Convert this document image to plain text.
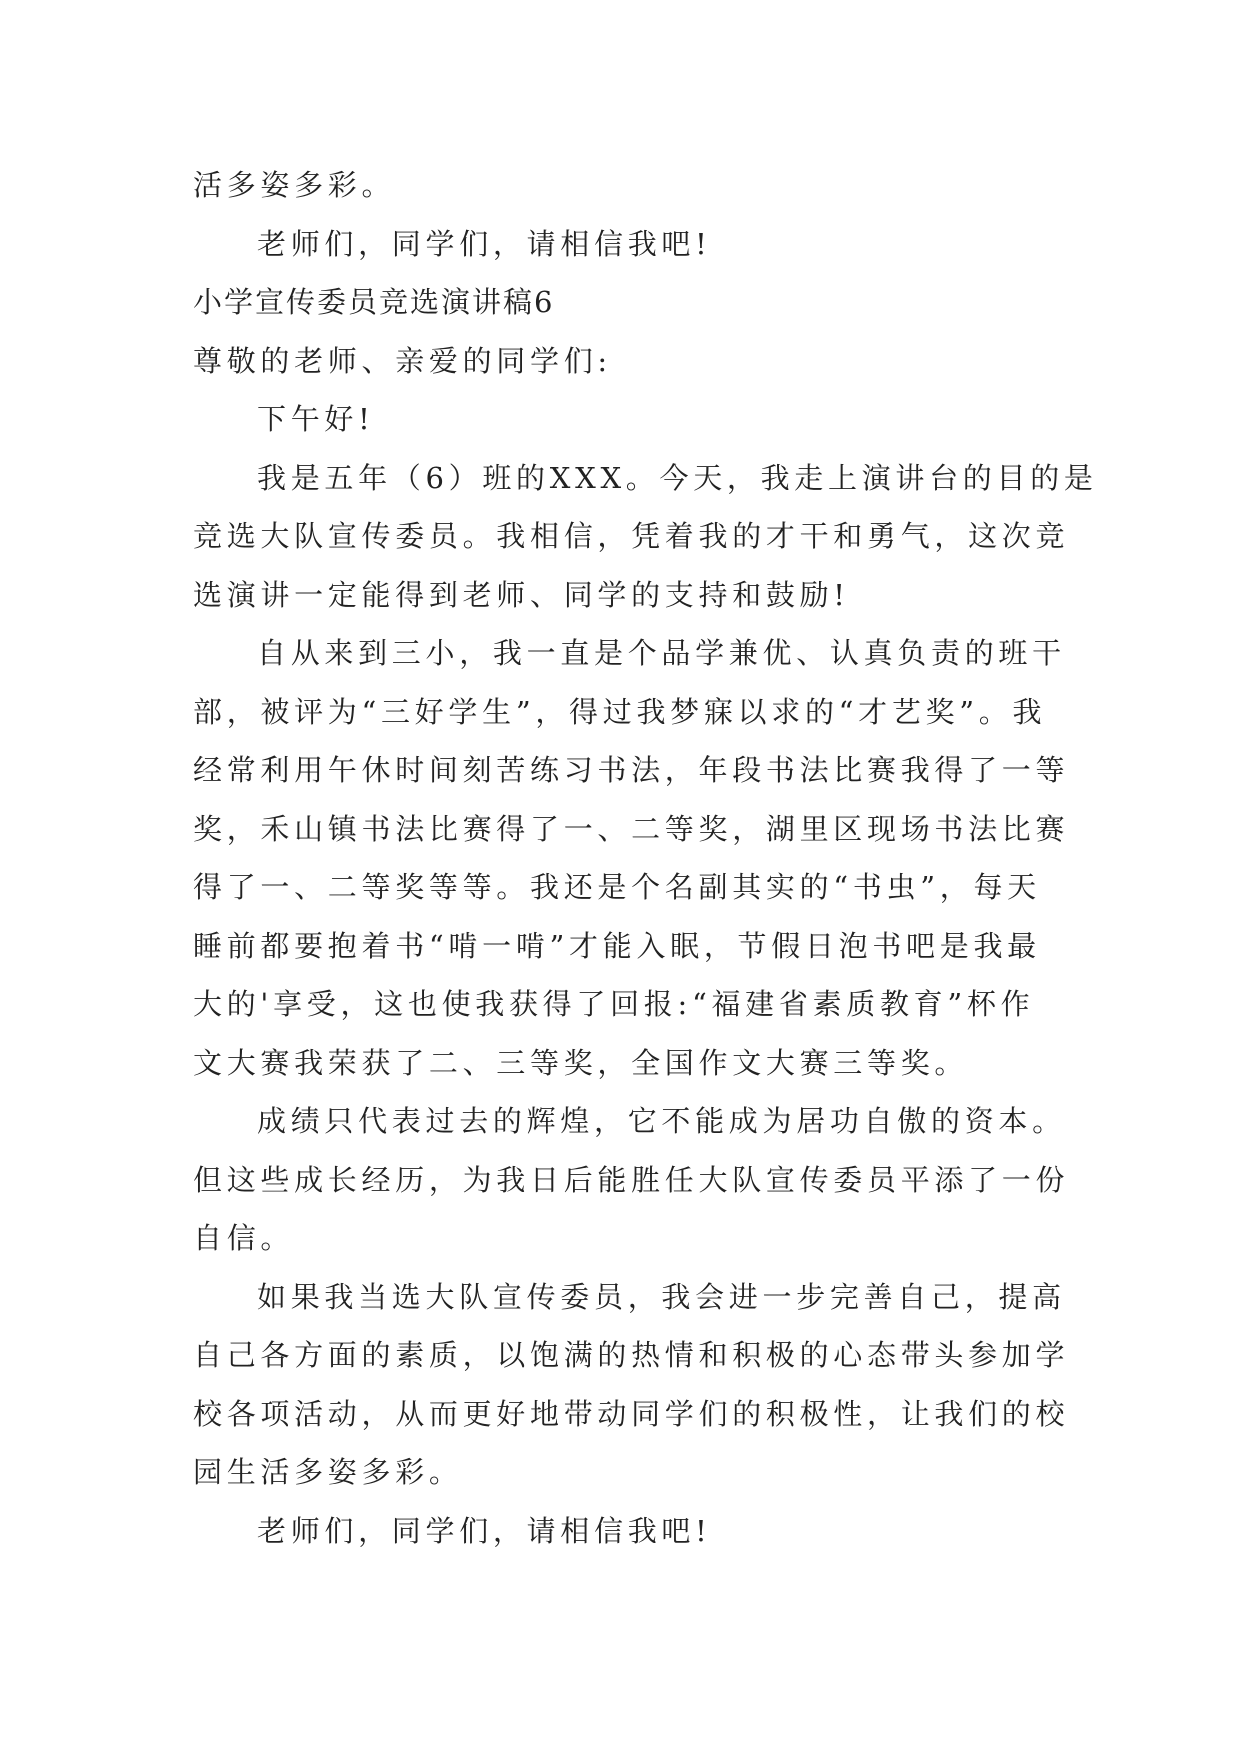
活多姿多彩。
老师们，同学们，请相信我吧!
小学宣传委员竞选演讲稿6
尊敬的老师、亲爱的同学们:
下午好!
我是五年（6）班的XXX。今天，我走上演讲台的目的是
竞选大队宣传委员。我相信，凭着我的才干和勇气，这次竞
选演讲一定能得到老师、同学的支持和鼓励!
自从来到三小，我一直是个品学兼优、认真负责的班干
部，被评为“三好学生”，得过我梦寐以求的“才艺奖”。我
经常利用午休时间刻苦练习书法，年段书法比赛我得了一等
奖，禾山镇书法比赛得了一、二等奖，湖里区现场书法比赛
得了一、二等奖等等。我还是个名副其实的“书虫”，每天
睡前都要抱着书“啃一啃”才能入眠，节假日泡书吧是我最
大的'享受，这也使我获得了回报:“福建省素质教育”杯作
文大赛我荣获了二、三等奖，全国作文大赛三等奖。
成绩只代表过去的辉煌，它不能成为居功自傲的资本。
但这些成长经历，为我日后能胜任大队宣传委员平添了一份
自信。
如果我当选大队宣传委员，我会进一步完善自己，提高
自己各方面的素质，以饱满的热情和积极的心态带头参加学
校各项活动，从而更好地带动同学们的积极性，让我们的校
园生活多姿多彩。
老师们，同学们，请相信我吧!
